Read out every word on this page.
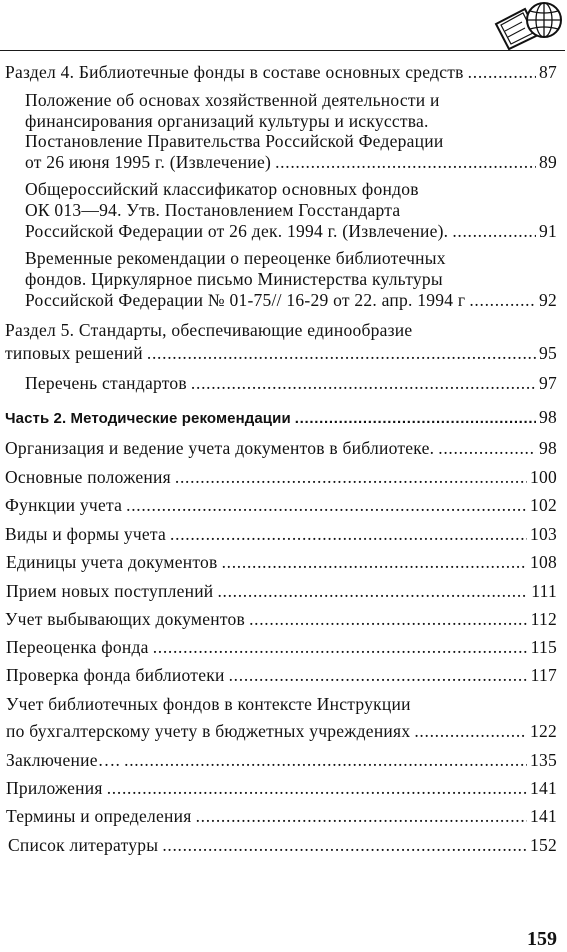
Раздел 4. Библиотечные фонды в составе основных средств .....	87
Положение об основах хозяйственной деятельности и
финансирования организаций культуры и искусства.
Постановление Правительства Российской Федерации
от 26 июня 1995 г. (Извлечение) .....	89
Общероссийский классификатор основных фондов
ОК 013—94. Утв. Постановлением Госстандарта
Российской Федерации от 26 дек. 1994 г. (Извлечение). .....	91
Временные рекомендации о переоценке библиотечных
фондов. Циркулярное письмо Министерства культуры
Российской Федерации № 01-75// 16-29 от 22. апр. 1994 г .....	92
Раздел 5. Стандарты, обеспечивающие единообразие
типовых решений .....	95
Перечень стандартов .....	97
Часть 2. Методические рекомендации .....	98
Организация и ведение учета документов в библиотеке. .....	98
Основные положения .....	100
Функции учета .....	102
Виды и формы учета .....	103
Единицы учета документов .....	108
Прием новых поступлений .....	111
Учет выбывающих документов .....	112
Переоценка фонда .....	115
Проверка фонда библиотеки .....	117
Учет библиотечных фондов в контексте Инструкции
по бухгалтерскому учету в бюджетных учреждениях .....	122
Заключение…. .....	135
Приложения .....	141
Термины и определения .....	141
Список литературы .....	152
159
